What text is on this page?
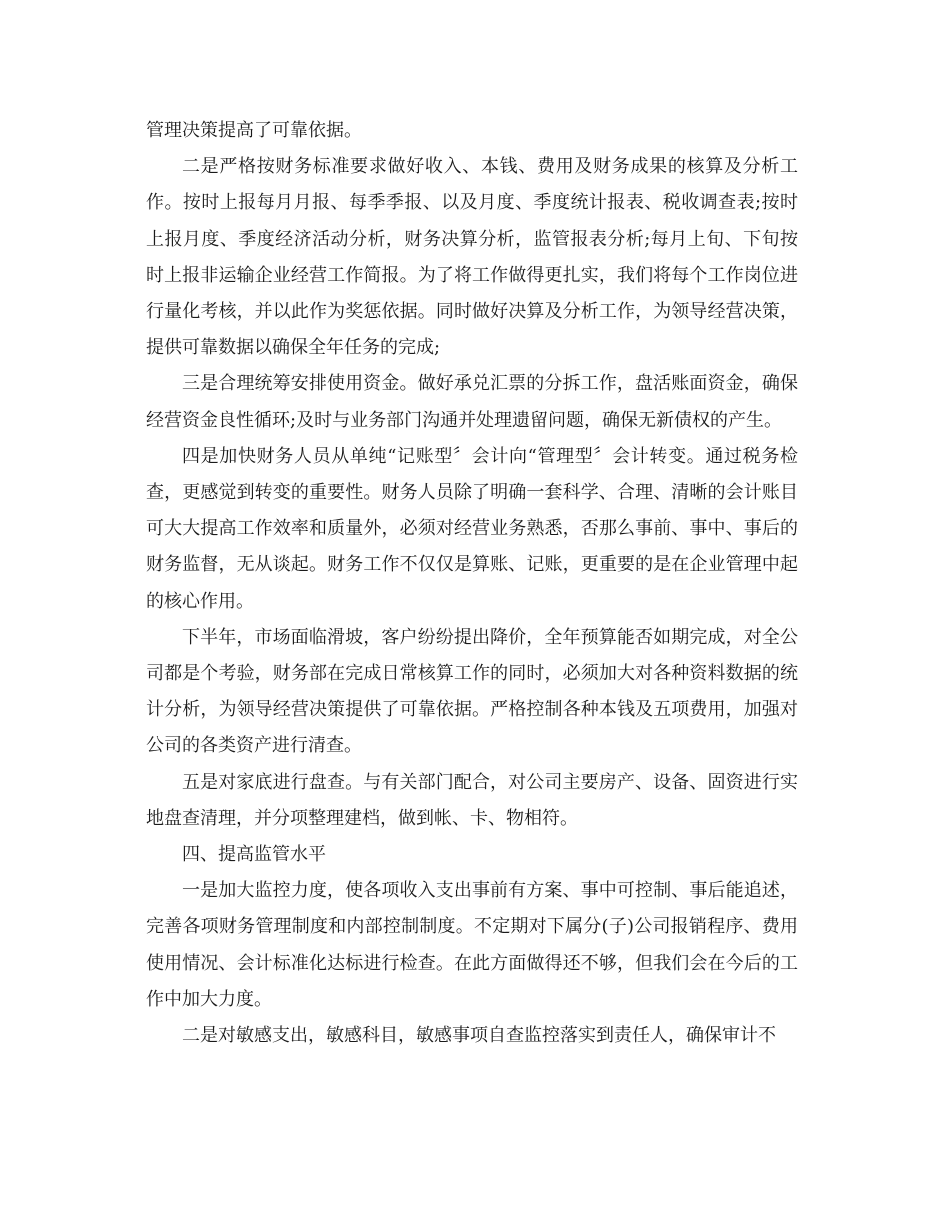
管理决策提高了可靠依据。

二是严格按财务标准要求做好收入、本钱、费用及财务成果的核算及分析工作。按时上报每月月报、每季季报、以及月度、季度统计报表、税收调查表;按时上报月度、季度经济活动分析，财务决算分析，监管报表分析;每月上旬、下旬按时上报非运输企业经营工作简报。为了将工作做得更扎实，我们将每个工作岗位进行量化考核，并以此作为奖惩依据。同时做好决算及分析工作，为领导经营决策，提供可靠数据以确保全年任务的完成;

三是合理统筹安排使用资金。做好承兑汇票的分拆工作，盘活账面资金，确保经营资金良性循环;及时与业务部门沟通并处理遗留问题，确保无新债权的产生。

四是加快财务人员从单纯“记账型〞会计向“管理型〞会计转变。通过税务检查，更感觉到转变的重要性。财务人员除了明确一套科学、合理、清晰的会计账目可大大提高工作效率和质量外，必须对经营业务熟悉，否那么事前、事中、事后的财务监督，无从谈起。财务工作不仅仅是算账、记账，更重要的是在企业管理中起的核心作用。

下半年，市场面临滑坡，客户纷纷提出降价，全年预算能否如期完成，对全公司都是个考验，财务部在完成日常核算工作的同时，必须加大对各种资料数据的统计分析，为领导经营决策提供了可靠依据。严格控制各种本钱及五项费用，加强对公司的各类资产进行清查。

五是对家底进行盘查。与有关部门配合，对公司主要房产、设备、固资进行实地盘查清理，并分项整理建档，做到帐、卡、物相符。

四、提高监管水平

一是加大监控力度，使各项收入支出事前有方案、事中可控制、事后能追述，完善各项财务管理制度和内部控制制度。不定期对下属分(子)公司报销程序、费用使用情况、会计标准化达标进行检查。在此方面做得还不够，但我们会在今后的工作中加大力度。

二是对敏感支出，敏感科目，敏感事项自查监控落实到责任人，确保审计不
